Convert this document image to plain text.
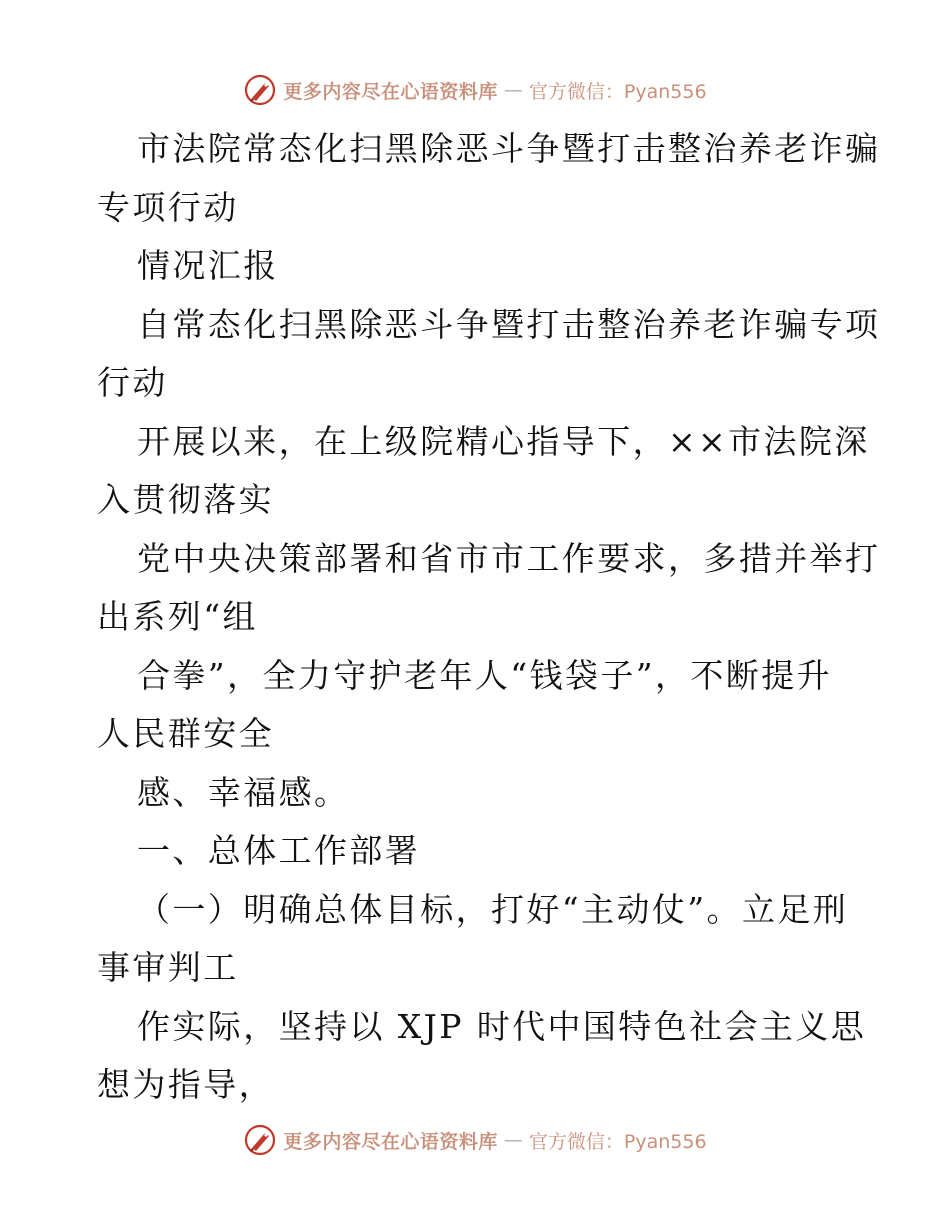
更多内容尽在心语资料库 — 官方微信：Pyan556
市法院常态化扫黑除恶斗争暨打击整治养老诈骗
专项行动
情况汇报
自常态化扫黑除恶斗争暨打击整治养老诈骗专项
行动
开展以来，在上级院精心指导下，××市法院深
入贯彻落实
党中央决策部署和省市市工作要求，多措并举打
出系列“组
合拳”，全力守护老年人“钱袋子”，不断提升
人民群安全
感、幸福感。
一、总体工作部署
（一）明确总体目标，打好“主动仗”。立足刑
事审判工
作实际，坚持以 XJP 时代中国特色社会主义思
想为指导，
更多内容尽在心语资料库 — 官方微信：Pyan556
